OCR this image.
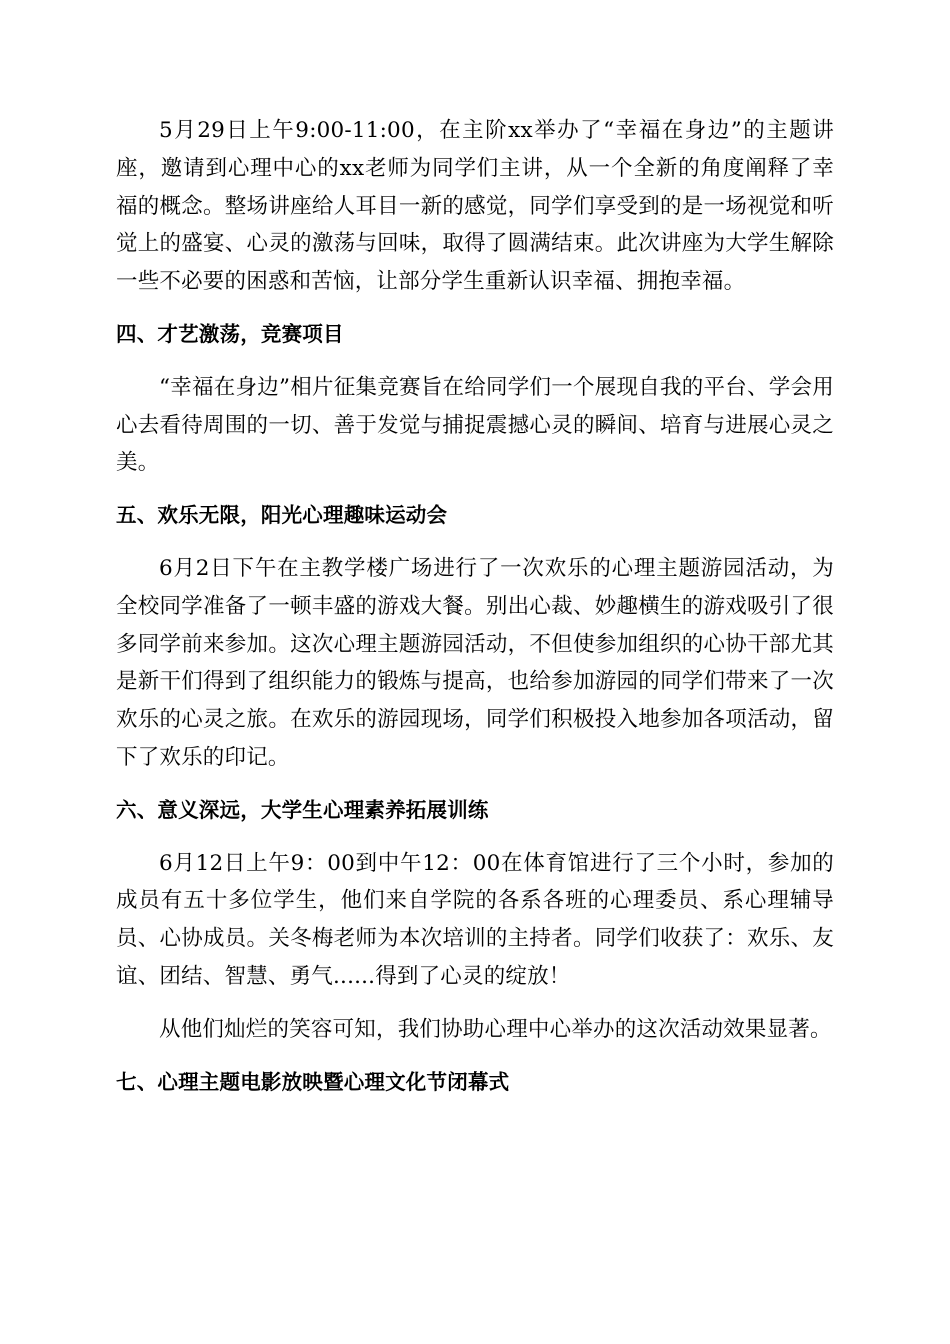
5月29日上午9:00-11:00，在主阶xx举办了“幸福在身边”的主题讲座，邀请到心理中心的xx老师为同学们主讲，从一个全新的角度阐释了幸福的概念。整场讲座给人耳目一新的感觉，同学们享受到的是一场视觉和听觉上的盛宴、心灵的激荡与回味，取得了圆满结束。此次讲座为大学生解除一些不必要的困惑和苦恼，让部分学生重新认识幸福、拥抱幸福。

四、才艺激荡，竞赛项目

“幸福在身边”相片征集竞赛旨在给同学们一个展现自我的平台、学会用心去看待周围的一切、善于发觉与捕捉震撼心灵的瞬间、培育与进展心灵之美。

五、欢乐无限，阳光心理趣味运动会

6月2日下午在主教学楼广场进行了一次欢乐的心理主题游园活动，为全校同学准备了一顿丰盛的游戏大餐。别出心裁、妙趣横生的游戏吸引了很多同学前来参加。这次心理主题游园活动，不但使参加组织的心协干部尤其是新干们得到了组织能力的锻炼与提高，也给参加游园的同学们带来了一次欢乐的心灵之旅。在欢乐的游园现场，同学们积极投入地参加各项活动，留下了欢乐的印记。

六、意义深远，大学生心理素养拓展训练

6月12日上午9：00到中午12：00在体育馆进行了三个小时，参加的成员有五十多位学生，他们来自学院的各系各班的心理委员、系心理辅导员、心协成员。关冬梅老师为本次培训的主持者。同学们收获了：欢乐、友谊、团结、智慧、勇气......得到了心灵的绽放！

从他们灿烂的笑容可知，我们协助心理中心举办的这次活动效果显著。

七、心理主题电影放映暨心理文化节闭幕式
